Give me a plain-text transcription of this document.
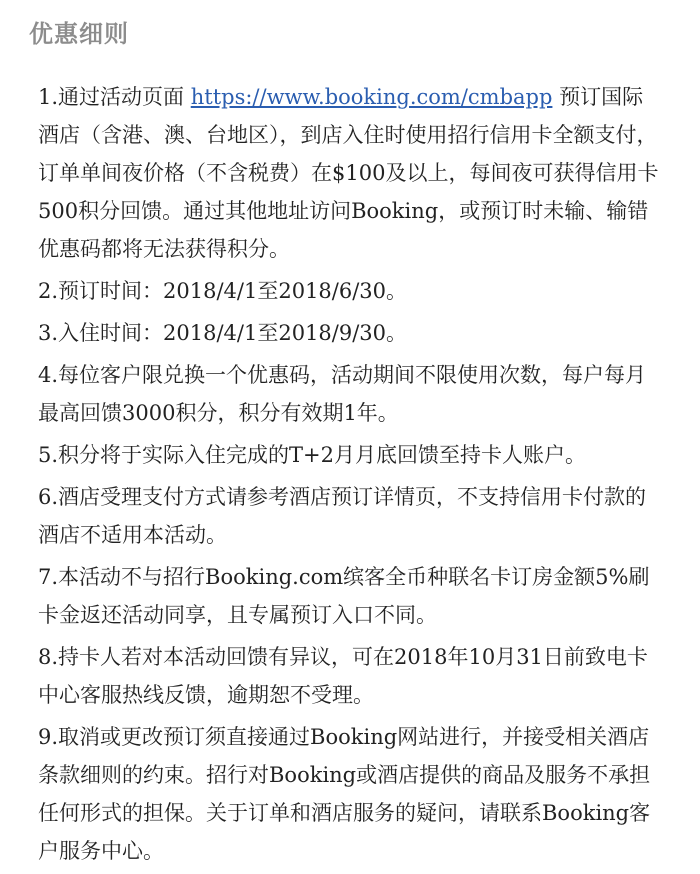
优惠细则

1.通过活动页面 https://www.booking.com/cmbapp 预订国际酒店（含港、澳、台地区），到店入住时使用招行信用卡全额支付，订单单间夜价格（不含税费）在$100及以上，每间夜可获得信用卡500积分回馈。通过其他地址访问Booking，或预订时未输、输错优惠码都将无法获得积分。

2.预订时间：2018/4/1至2018/6/30。

3.入住时间：2018/4/1至2018/9/30。

4.每位客户限兑换一个优惠码，活动期间不限使用次数，每户每月最高回馈3000积分，积分有效期1年。

5.积分将于实际入住完成的T+2月月底回馈至持卡人账户。

6.酒店受理支付方式请参考酒店预订详情页，不支持信用卡付款的酒店不适用本活动。

7.本活动不与招行Booking.com缤客全币种联名卡订房金额5%刷卡金返还活动同享，且专属预订入口不同。

8.持卡人若对本活动回馈有异议，可在2018年10月31日前致电卡中心客服热线反馈，逾期恕不受理。

9.取消或更改预订须直接通过Booking网站进行，并接受相关酒店条款细则的约束。招行对Booking或酒店提供的商品及服务不承担任何形式的担保。关于订单和酒店服务的疑问，请联系Booking客户服务中心。
